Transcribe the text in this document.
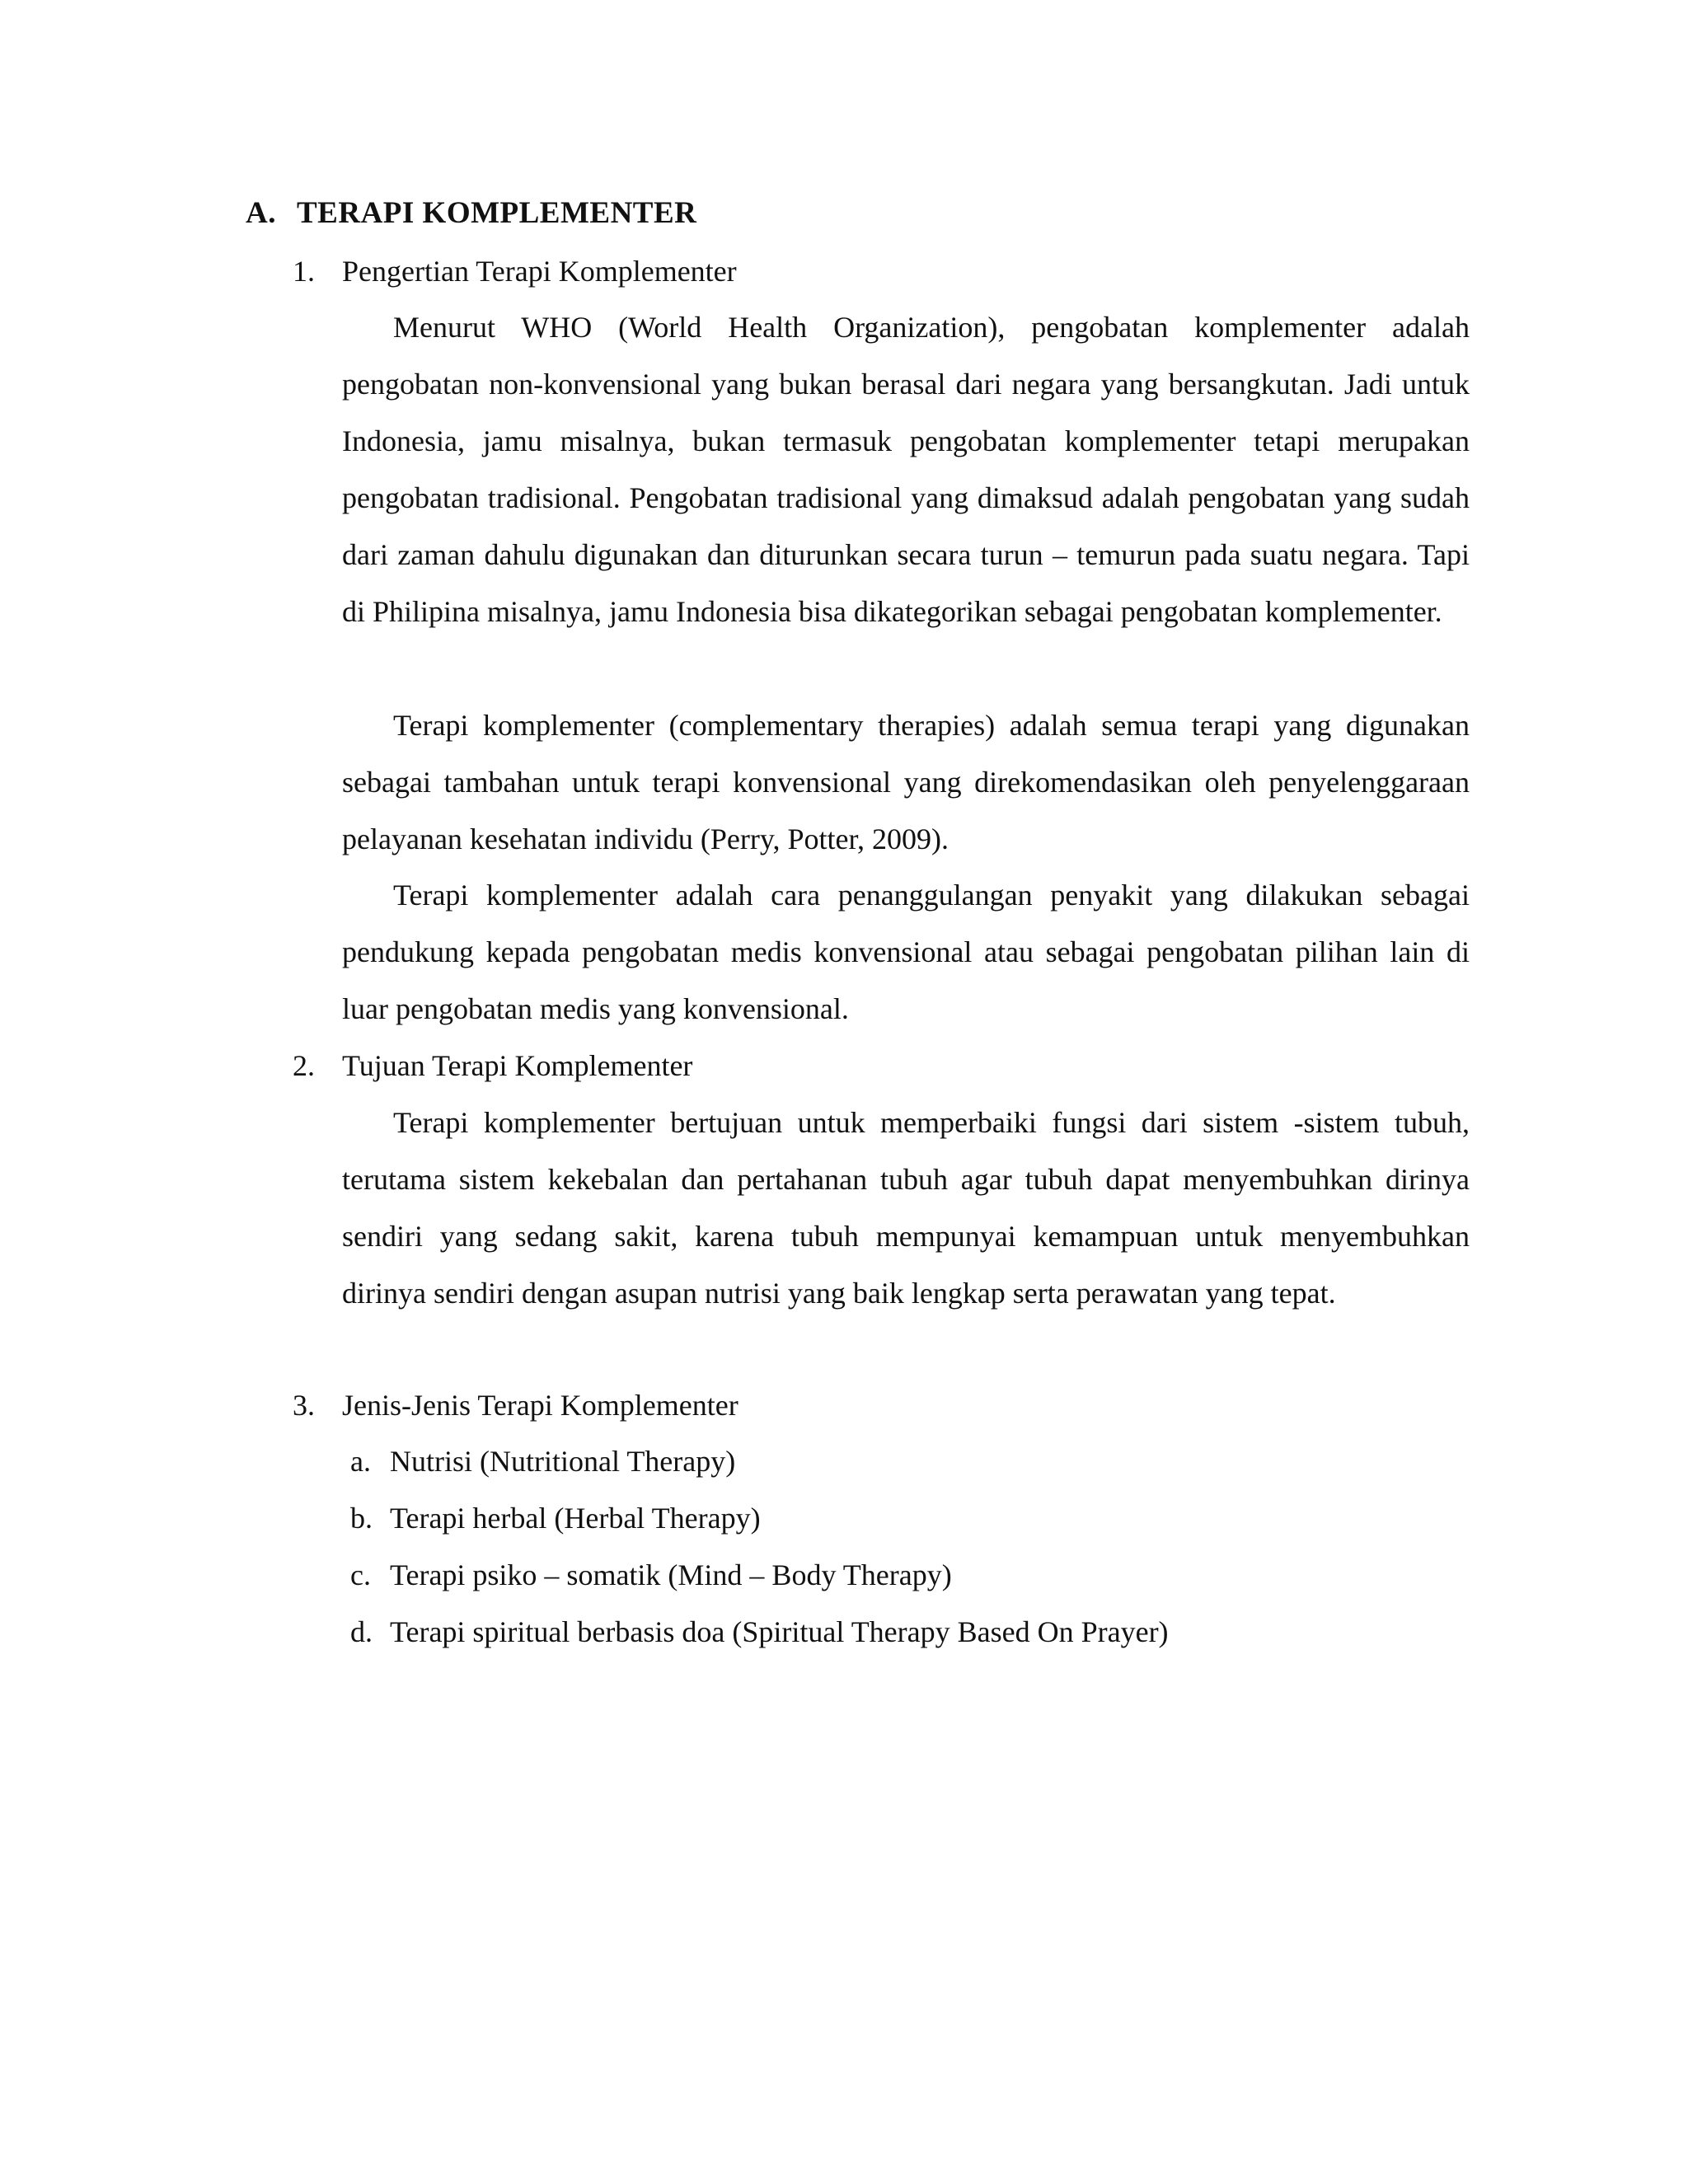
A. TERAPI KOMPLEMENTER
1. Pengertian Terapi Komplementer

Menurut WHO (World Health Organization), pengobatan komplementer adalah pengobatan non-konvensional yang bukan berasal dari negara yang bersangkutan. Jadi untuk Indonesia, jamu misalnya, bukan termasuk pengobatan komplementer tetapi merupakan pengobatan tradisional. Pengobatan tradisional yang dimaksud adalah pengobatan yang sudah dari zaman dahulu digunakan dan diturunkan secara turun – temurun pada suatu negara. Tapi di Philipina misalnya, jamu Indonesia bisa dikategorikan sebagai pengobatan komplementer.

Terapi komplementer (complementary therapies) adalah semua terapi yang digunakan sebagai tambahan untuk terapi konvensional yang direkomendasikan oleh penyelenggaraan pelayanan kesehatan individu (Perry, Potter, 2009).

Terapi komplementer adalah cara penanggulangan penyakit yang dilakukan sebagai pendukung kepada pengobatan medis konvensional atau sebagai pengobatan pilihan lain di luar pengobatan medis yang konvensional.

2. Tujuan Terapi Komplementer

Terapi komplementer bertujuan untuk memperbaiki fungsi dari sistem -sistem tubuh, terutama sistem kekebalan dan pertahanan tubuh agar tubuh dapat menyembuhkan dirinya sendiri yang sedang sakit, karena tubuh mempunyai kemampuan untuk menyembuhkan dirinya sendiri dengan asupan nutrisi yang baik lengkap serta perawatan yang tepat.

3. Jenis-Jenis Terapi Komplementer
a. Nutrisi (Nutritional Therapy)
b. Terapi herbal (Herbal Therapy)
c. Terapi psiko – somatik (Mind – Body Therapy)
d. Terapi spiritual berbasis doa (Spiritual Therapy Based On Prayer)
